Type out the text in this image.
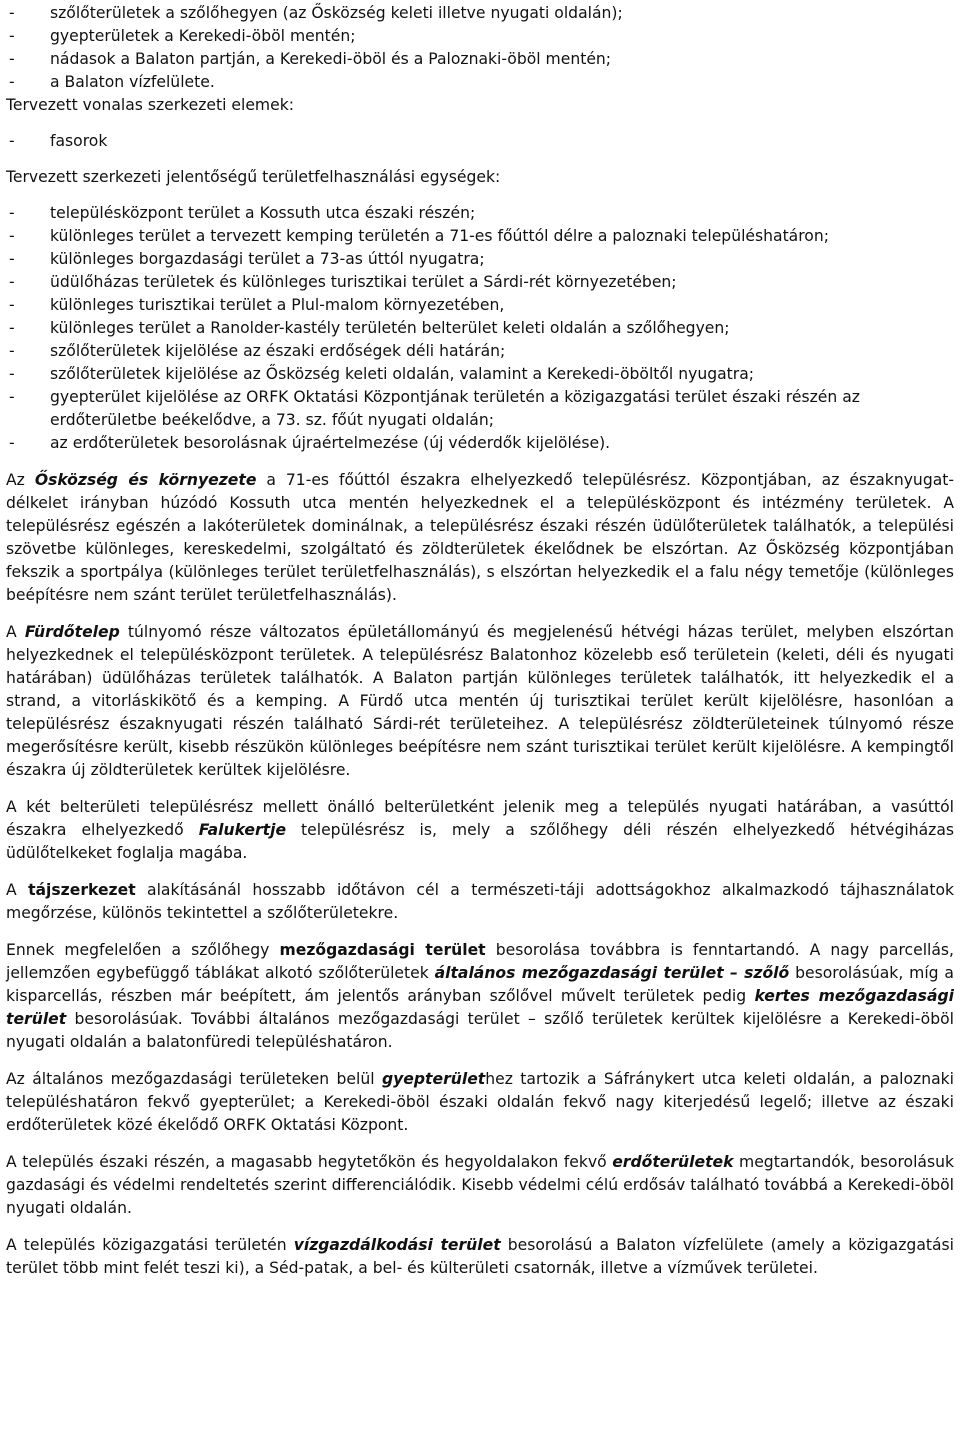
- szőlőterületek a szőlőhegyen (az Ősközség keleti illetve nyugati oldalán);
- gyepterületek a Kerekedi-öböl mentén;
- nádasok a Balaton partján, a Kerekedi-öböl és a Paloznaki-öböl mentén;
- a Balaton vízfelülete.
Tervezett vonalas szerkezeti elemek:
- fasorok
Tervezett szerkezeti jelentőségű területfelhasználási egységek:
- településközpont terület a Kossuth utca északi részén;
- különleges terület a tervezett kemping területén a 71-es főúttól délre a paloznaki településhatáron;
- különleges borgazdasági terület a 73-as úttól nyugatra;
- üdülőházas területek és különleges turisztikai terület a Sárdi-rét környezetében;
- különleges turisztikai terület a Plul-malom környezetében,
- különleges terület a Ranolder-kastély területén belterület keleti oldalán a szőlőhegyen;
- szőlőterületek kijelölése az északi erdőségek déli határán;
- szőlőterületek kijelölése az Ősközség keleti oldalán, valamint a Kerekedi-öböltől nyugatra;
- gyepterület kijelölése az ORFK Oktatási Központjának területén a közigazgatási terület északi részén az erdőterületbe beékelődve, a 73. sz. főút nyugati oldalán;
- az erdőterületek besorolásnak újraértelmezése (új véderdők kijelölése).

Az Ősközség és környezete a 71-es főúttól északra elhelyezkedő településrész. Központjában, az északnyugat-délkelet irányban húzódó Kossuth utca mentén helyezkednek el a településközpont és intézmény területek. A településrész egészén a lakóterületek dominálnak, a településrész északi részén üdülőterületek találhatók, a települési szövetbe különleges, kereskedelmi, szolgáltató és zöldterületek ékelődnek be elszórtan. Az Ősközség központjában fekszik a sportpálya (különleges terület területfelhasználás), s elszórtan helyezkedik el a falu négy temetője (különleges beépítésre nem szánt terület területfelhasználás).

A Fürdőtelep túlnyomó része változatos épületállományú és megjelenésű hétvégi házas terület, melyben elszórtan helyezkednek el településközpont területek. A településrész Balatonhoz közelebb eső területein (keleti, déli és nyugati határában) üdülőházas területek találhatók. A Balaton partján különleges területek találhatók, itt helyezkedik el a strand, a vitorláskikötő és a kemping. A Fürdő utca mentén új turisztikai terület került kijelölésre, hasonlóan a településrész északnyugati részén található Sárdi-rét területeihez. A településrész zöldterületeinek túlnyomó része megerősítésre került, kisebb részükön különleges beépítésre nem szánt turisztikai terület került kijelölésre. A kempingtől északra új zöldterületek kerültek kijelölésre.

A két belterületi településrész mellett önálló belterületként jelenik meg a település nyugati határában, a vasúttól északra elhelyezkedő Falukertje településrész is, mely a szőlőhegy déli részén elhelyezkedő hétvégiházas üdülőtelkeket foglalja magába.

A tájszerkezet alakításánál hosszabb időtávon cél a természeti-táji adottságokhoz alkalmazkodó tájhasználatok megőrzése, különös tekintettel a szőlőterületekre.

Ennek megfelelően a szőlőhegy mezőgazdasági terület besorolása továbbra is fenntartandó. A nagy parcellás, jellemzően egybefüggő táblákat alkotó szőlőterületek általános mezőgazdasági terület – szőlő besorolásúak, míg a kisparcellás, részben már beépített, ám jelentős arányban szőlővel művelt területek pedig kertes mezőgazdasági terület besorolásúak. További általános mezőgazdasági terület – szőlő területek kerültek kijelölésre a Kerekedi-öböl nyugati oldalán a balatonfüredi településhatáron.

Az általános mezőgazdasági területeken belül gyepterülethez tartozik a Sáfránykert utca keleti oldalán, a paloznaki településhatáron fekvő gyepterület; a Kerekedi-öböl északi oldalán fekvő nagy kiterjedésű legelő; illetve az északi erdőterületek közé ékelődő ORFK Oktatási Központ.

A település északi részén, a magasabb hegytetőkön és hegyoldalakon fekvő erdőterületek megtartandók, besorolásuk gazdasági és védelmi rendeltetés szerint differenciálódik. Kisebb védelmi célú erdősáv található továbbá a Kerekedi-öböl nyugati oldalán.

A település közigazgatási területén vízgazdálkodási terület besorolású a Balaton vízfelülete (amely a közigazgatási terület több mint felét teszi ki), a Séd-patak, a bel- és külterületi csatornák, illetve a vízművek területei.
